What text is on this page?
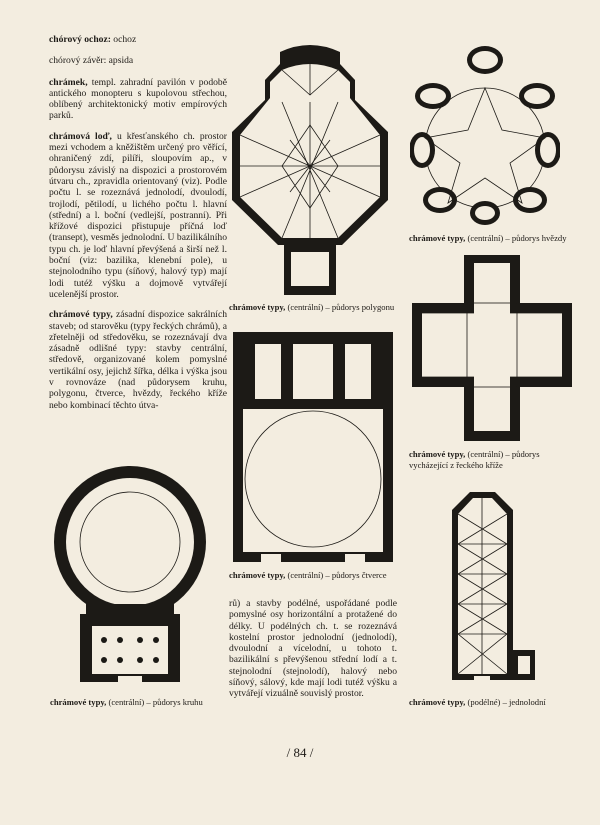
chórový ochoz: ochoz

chórový závěr: apsida

chrámek, templ. zahradní pavilón v podobě antického monopteru s kupolovou střechou, oblíbený architektonický motiv empírových parků.

chrámová loď, u křesťanského ch. prostor mezi vchodem a kněžištěm určený pro věřící, ohraničený zdí, pilíři, sloupovím ap., v půdorysu závislý na dispozici a prostorovém útvaru ch., zpravidla orientovaný (viz). Podle počtu l. se rozeznává jednolodí, dvoulodí, trojlodí, pětilodí, u lichého počtu l. hlavní (střední) a l. boční (vedlejší, postranní). Při křížové dispozici přistupuje příčná loď (transept), vesměs jednolodní. U bazilikálního typu ch. je loď hlavní převýšená a širší než l. boční (viz: bazilika, klenební pole), u stejnolodního typu (síňový, halový typ) mají lodi tutéž výšku a dojmově vytvářejí ucelenější prostor.

chrámové typy, zásadní dispozice sakrálních staveb; od starověku (typy řeckých chrámů), a zřetelněji od středověku, se rozeznávají dva zásadně odlišné typy: stavby centrální, středově, organizované kolem pomyslné vertikální osy, jejichž šířka, délka i výška jsou v rovnováze (nad půdorysem kruhu, polygonu, čtverce, hvězdy, řeckého kříže nebo kombinací těchto útva-

chrámové typy, (centrální) – půdorys polygonu
chrámové typy, (centrální) – půdorys hvězdy
chrámové typy, (centrální) – půdorys vycházející z řeckého kříže
chrámové typy, (centrální) – půdorys čtverce
chrámové typy, (centrální) – půdorys kruhu	chrámové typy, (podélné) – jednolodní
rů) a stavby podélné, uspořádané podle pomyslné osy horizontální a protažené do délky. U podélných ch. t. se rozeznává kostelní prostor jednolodní (jednolodí), dvoulodní a vícelodní, u tohoto t. bazilikální s převýšenou střední lodí a t. stejnolodní (stejnolodí), halový nebo síňový, sálový, kde mají lodi tutéž výšku a vytvářejí vizuálně souvislý prostor.
/ 84 /
